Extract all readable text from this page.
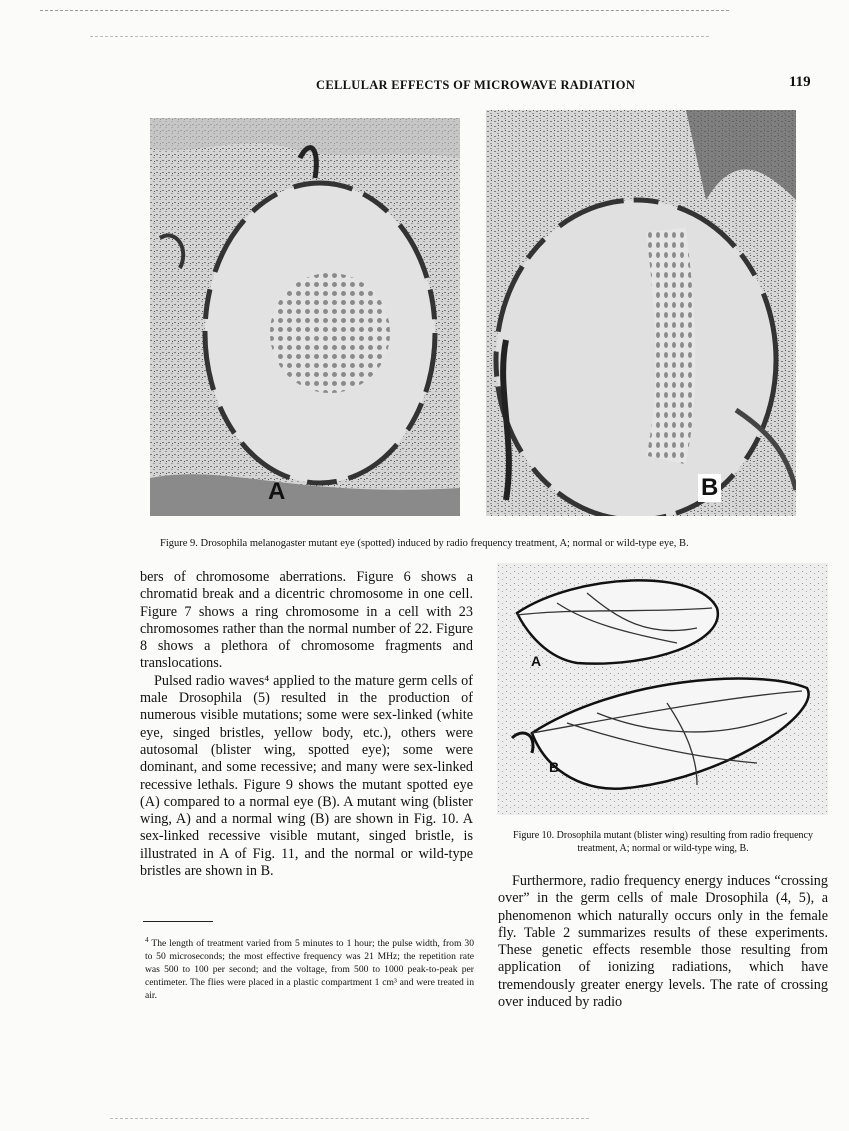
CELLULAR EFFECTS OF MICROWAVE RADIATION	119
A	B
Figure 9. Drosophila melanogaster mutant eye (spotted) induced by radio frequency treatment, A; normal or wild-type eye, B.
A
B
Figure 10. Drosophila mutant (blister wing) resulting from radio frequency treatment, A; normal or wild-type wing, B.

bers of chromosome aberrations. Figure 6 shows a chromatid break and a dicentric chromosome in one cell. Figure 7 shows a ring chromosome in a cell with 23 chromosomes rather than the normal number of 22. Figure 8 shows a plethora of chromosome fragments and translocations.

Pulsed radio waves⁴ applied to the mature germ cells of male Drosophila (5) resulted in the production of numerous visible mutations; some were sex-linked (white eye, singed bristles, yellow body, etc.), others were autosomal (blister wing, spotted eye); some were dominant, and some recessive; and many were sex-linked recessive lethals. Figure 9 shows the mutant spotted eye (A) compared to a normal eye (B). A mutant wing (blister wing, A) and a normal wing (B) are shown in Fig. 10. A sex-linked recessive visible mutant, singed bristle, is illustrated in A of Fig. 11, and the normal or wild-type bristles are shown in B.

$^4$ The length of treatment varied from 5 minutes to 1 hour; the pulse width, from 30 to 50 microseconds; the most effective frequency was 21 MHz; the repetition rate was 500 to 100 per second; and the voltage, from 500 to 1000 peak-to-peak per centimeter. The flies were placed in a plastic compartment 1 cm³ and were treated in air.

Furthermore, radio frequency energy induces “crossing over” in the germ cells of male Drosophila (4, 5), a phenomenon which naturally occurs only in the female fly. Table 2 summarizes results of these experiments. These genetic effects resemble those resulting from application of ionizing radiations, which have tremendously greater energy levels. The rate of crossing over induced by radio
